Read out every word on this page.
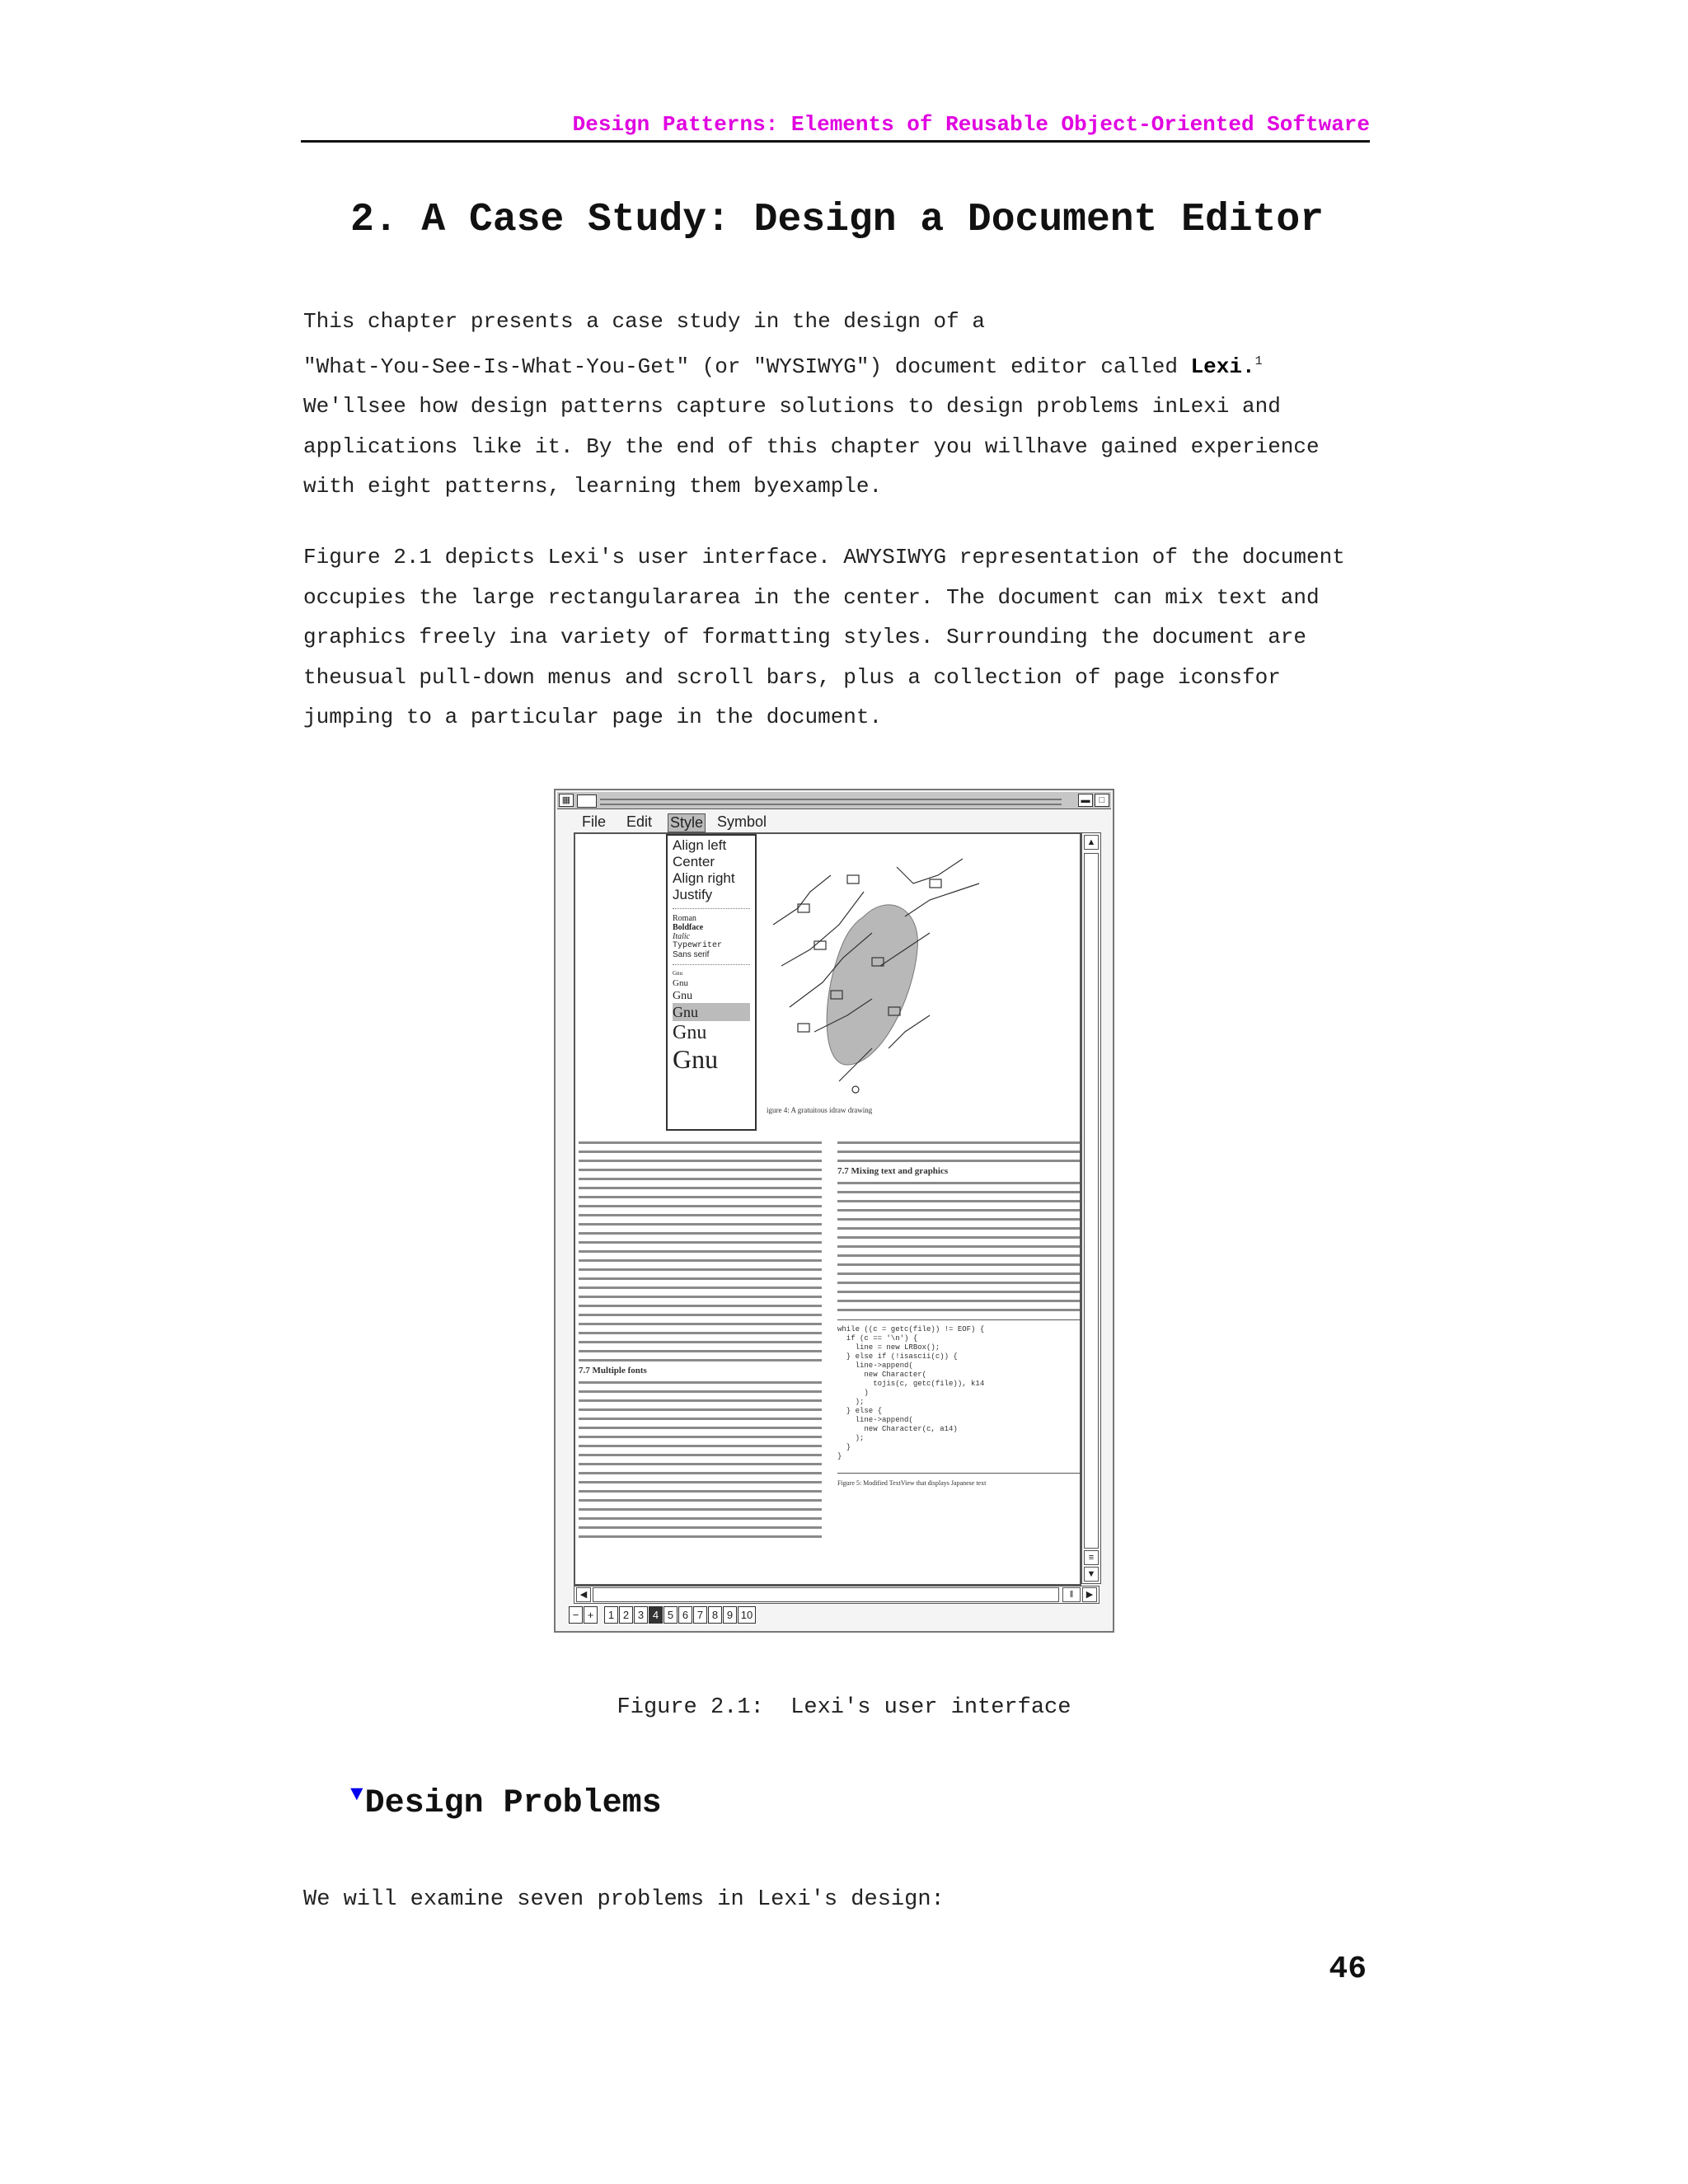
Design Patterns: Elements of Reusable Object-Oriented Software
2. A Case Study: Design a Document Editor

This chapter presents a case study in the design of a

"What-You-See-Is-What-You-Get" (or "WYSIWYG") document editor called Lexi.$^1$

We'llsee how design patterns capture solutions to design problems inLexi and

applications like it. By the end of this chapter you willhave gained experience

with eight patterns, learning them byexample.

Figure 2.1 depicts Lexi's user interface. AWYSIWYG representation of the document

occupies the large rectangulararea in the center. The document can mix text and

graphics freely ina variety of formatting styles. Surrounding the document are

theusual pull-down menus and scroll bars, plus a collection of page iconsfor

jumping to a particular page in the document.

▦	▬	□
File Edit Style Symbol
igure 4: A gratuitous idraw drawing
7.7 Multiple fonts
7.7 Mixing text and graphics
while ((c = getc(file)) != EOF) {
if (c == '\n') {
line = new LRBox();
} else if (!isascii(c)) {
line->append(
new Character(
tojis(c, getc(file)), k14
)
);
} else {
line->append(
new Character(c, a14)
);
}
}
Figure 5: Modified TextView that displays Japanese text
Align left
Center
Align right
Justify
Roman
Boldface
Italic
Typewriter
Sans serif
Gnu
Gnu
Gnu
Gnu
Gnu
Gnu
▲
≡
▼
◀	‖	▶
− + 1 2 3 4 5 6 7 8 9 10
Figure 2.1:  Lexi's user interface
▼Design Problems
We will examine seven problems in Lexi's design:
46
